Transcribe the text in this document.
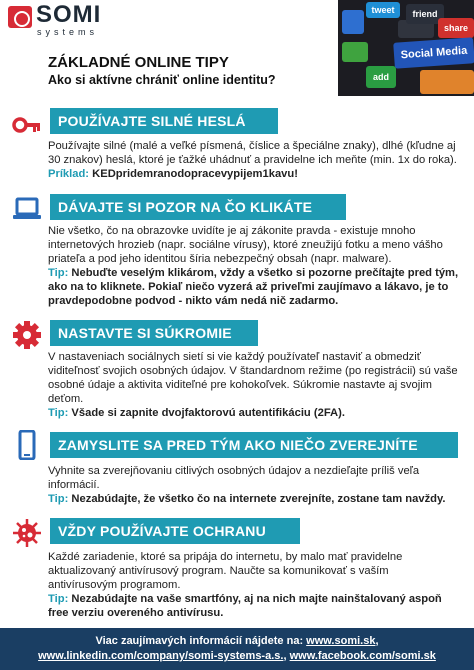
SOMI
systems
ZÁKLADNÉ ONLINE TIPY
Ako si aktívne chrániť online identitu?
tweet	friend
share
Social Media
add
POUŽÍVAJTE SILNÉ HESLÁ
Používajte silné (malé a veľké písmená, číslice a špeciálne znaky), dlhé (kľudne aj 30 znakov) heslá, ktoré je ťažké uhádnuť a pravidelne ich meňte (min. 1x do roka).
Príklad: KEDpridemranodopracevypijem1kavu!
DÁVAJTE SI POZOR NA ČO KLIKÁTE
Nie všetko, čo na obrazovke uvidíte je aj zákonite pravda - existuje mnoho internetových hrozieb (napr. sociálne vírusy), ktoré zneužijú fotku a meno vášho priateľa a pod jeho identitou šíria nebezpečný obsah (napr. malware).
Tip: Nebuďte veselým klikárom, vždy a všetko si pozorne prečítajte pred tým, ako na to kliknete. Pokiaľ niečo vyzerá až priveľmi zaujímavo a lákavo, je to pravdepodobne podvod - nikto vám nedá nič zadarmo.
NASTAVTE SI SÚKROMIE
V nastaveniach sociálnych sietí si vie každý používateľ nastaviť a obmedziť viditeľnosť svojich osobných údajov. V štandardnom režime (po registrácii) sú vaše osobné údaje a aktivita viditeľné pre kohokoľvek. Súkromie nastavte aj svojim deťom.
Tip: Všade si zapnite dvojfaktorovú autentifikáciu (2FA).
ZAMYSLITE SA PRED TÝM AKO NIEČO ZVEREJNÍTE
Vyhnite sa zverejňovaniu citlivých osobných údajov a nezdieľajte príliš veľa informácií.
Tip: Nezabúdajte, že všetko čo na internete zverejníte, zostane tam navždy.
VŽDY POUŽÍVAJTE OCHRANU
Každé zariadenie, ktoré sa pripája do internetu, by malo mať pravidelne aktualizovaný antivírusový program. Naučte sa komunikovať s vaším antivírusovým programom.
Tip: Nezabúdajte na vaše smartfóny, aj na nich majte nainštalovaný aspoň free verziu overeného antivírusu.
Viac zaujímavých informácií nájdete na: www.somi.sk,
www.linkedin.com/company/somi-systems-a.s., www.facebook.com/somi.sk
